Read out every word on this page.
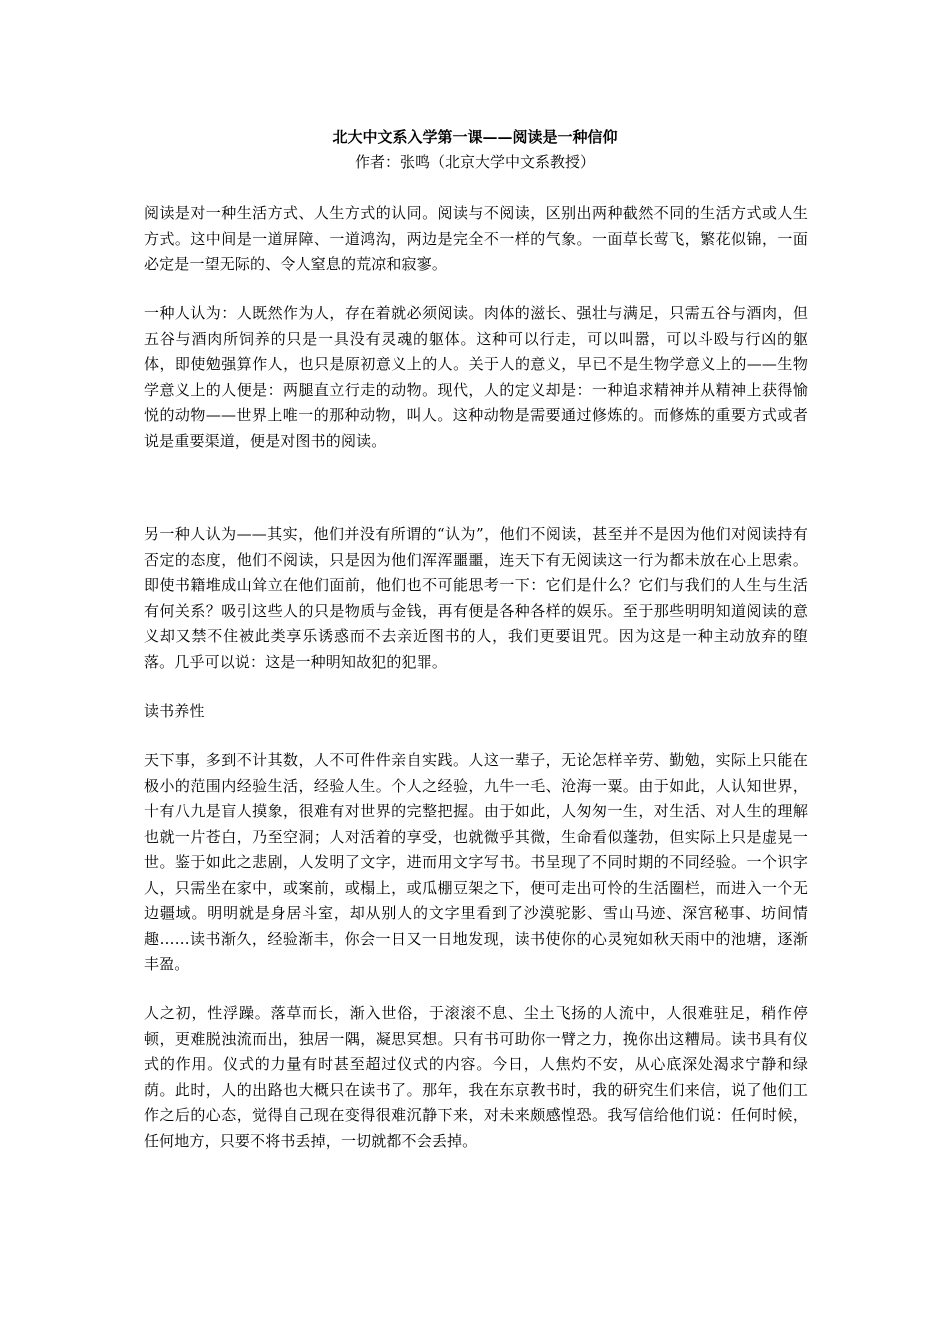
北大中文系入学第一课——阅读是一种信仰
作者：张鸣（北京大学中文系教授）

阅读是对一种生活方式、人生方式的认同。阅读与不阅读，区别出两种截然不同的生活方式或人生方式。这中间是一道屏障、一道鸿沟，两边是完全不一样的气象。一面草长莺飞，繁花似锦，一面必定是一望无际的、令人窒息的荒凉和寂寥。

一种人认为：人既然作为人，存在着就必须阅读。肉体的滋长、强壮与满足，只需五谷与酒肉，但五谷与酒肉所饲养的只是一具没有灵魂的躯体。这种可以行走，可以叫嚣，可以斗殴与行凶的躯体，即使勉强算作人，也只是原初意义上的人。关于人的意义，早已不是生物学意义上的——生物学意义上的人便是：两腿直立行走的动物。现代，人的定义却是：一种追求精神并从精神上获得愉悦的动物——世界上唯一的那种动物，叫人。这种动物是需要通过修炼的。而修炼的重要方式或者说是重要渠道，便是对图书的阅读。

另一种人认为——其实，他们并没有所谓的“认为”，他们不阅读，甚至并不是因为他们对阅读持有否定的态度，他们不阅读，只是因为他们浑浑噩噩，连天下有无阅读这一行为都未放在心上思索。即使书籍堆成山耸立在他们面前，他们也不可能思考一下：它们是什么？它们与我们的人生与生活有何关系？吸引这些人的只是物质与金钱，再有便是各种各样的娱乐。至于那些明明知道阅读的意义却又禁不住被此类享乐诱惑而不去亲近图书的人，我们更要诅咒。因为这是一种主动放弃的堕落。几乎可以说：这是一种明知故犯的犯罪。

读书养性

天下事，多到不计其数，人不可件件亲自实践。人这一辈子，无论怎样辛劳、勤勉，实际上只能在极小的范围内经验生活，经验人生。个人之经验，九牛一毛、沧海一粟。由于如此，人认知世界，十有八九是盲人摸象，很难有对世界的完整把握。由于如此，人匆匆一生，对生活、对人生的理解也就一片苍白，乃至空洞；人对活着的享受，也就微乎其微，生命看似蓬勃，但实际上只是虚晃一世。鉴于如此之悲剧，人发明了文字，进而用文字写书。书呈现了不同时期的不同经验。一个识字人，只需坐在家中，或案前，或榻上，或瓜棚豆架之下，便可走出可怜的生活圈栏，而进入一个无边疆域。明明就是身居斗室，却从别人的文字里看到了沙漠驼影、雪山马迹、深宫秘事、坊间情趣……读书渐久，经验渐丰，你会一日又一日地发现，读书使你的心灵宛如秋天雨中的池塘，逐渐丰盈。

人之初，性浮躁。落草而长，渐入世俗，于滚滚不息、尘土飞扬的人流中，人很难驻足，稍作停顿，更难脱浊流而出，独居一隅，凝思冥想。只有书可助你一臂之力，挽你出这糟局。读书具有仪式的作用。仪式的力量有时甚至超过仪式的内容。今日，人焦灼不安，从心底深处渴求宁静和绿荫。此时，人的出路也大概只在读书了。那年，我在东京教书时，我的研究生们来信，说了他们工作之后的心态，觉得自己现在变得很难沉静下来，对未来颇感惶恐。我写信给他们说：任何时候，任何地方，只要不将书丢掉，一切就都不会丢掉。
